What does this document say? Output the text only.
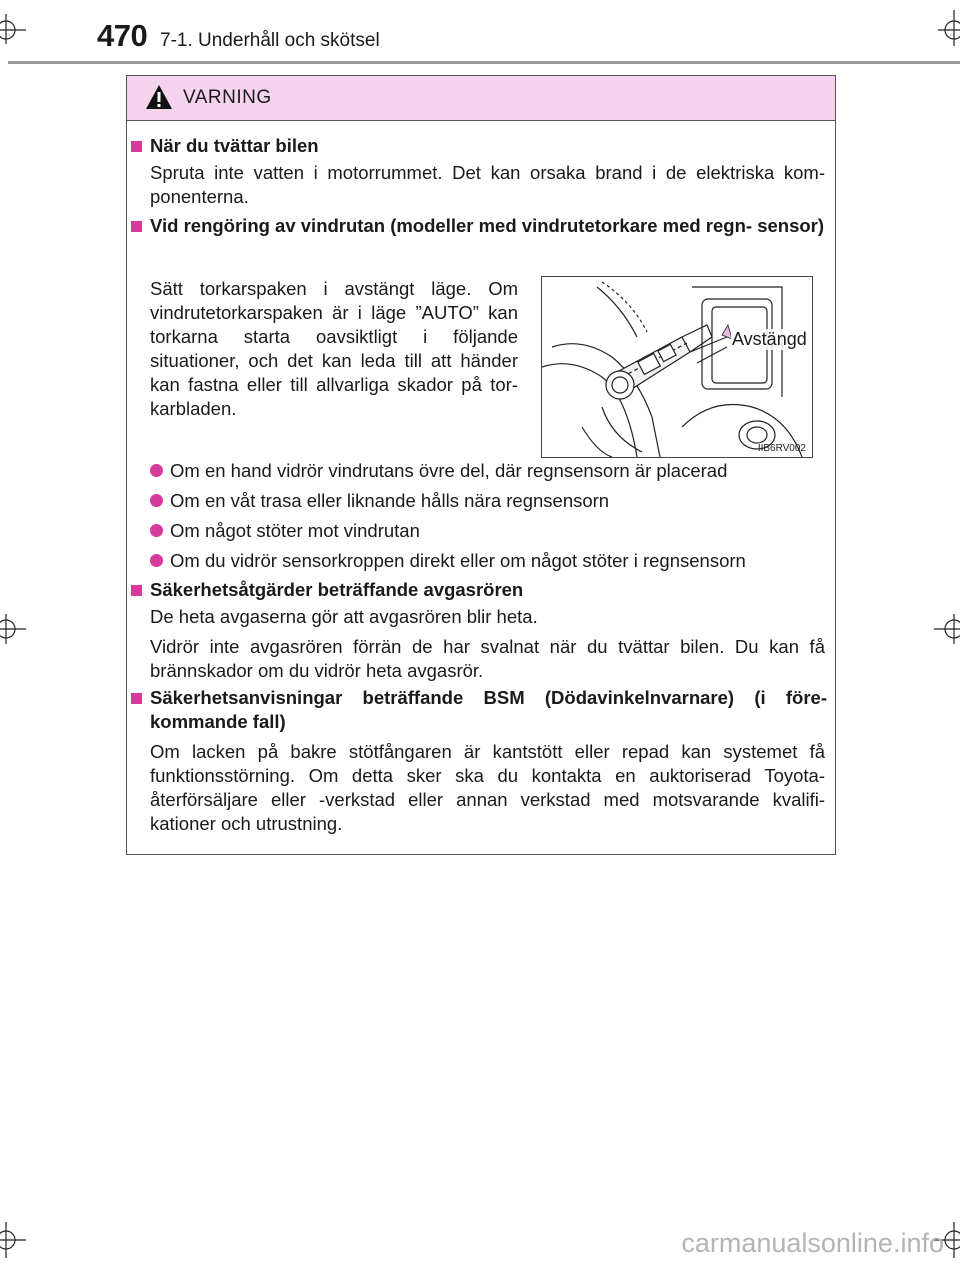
470 7-1. Underhåll och skötsel
VARNING
När du tvättar bilen
Spruta inte vatten i motorrummet. Det kan orsaka brand i de elektriska kom- ponenterna.
Vid rengöring av vindrutan (modeller med vindrutetorkare med regn- sensor)
Sätt torkarspaken i avstängt läge. Om vindrutetorkarspaken är i läge ”AUTO” kan torkarna starta oavsiktligt i följande situationer, och det kan leda till att händer kan fastna eller till allvarliga skador på tor- karbladen.
Om en hand vidrör vindrutans övre del, där regnsensorn är placerad
Om en våt trasa eller liknande hålls nära regnsensorn
Om något stöter mot vindrutan
Om du vidrör sensorkroppen direkt eller om något stöter i regnsensorn
Säkerhetsåtgärder beträffande avgasrören
De heta avgaserna gör att avgasrören blir heta.
Vidrör inte avgasrören förrän de har svalnat när du tvättar bilen. Du kan få brännskador om du vidrör heta avgasrör.
Säkerhetsanvisningar beträffande BSM (Dödavinkelnvarnare) (i före- kommande fall)
Om lacken på bakre stötfångaren är kantstött eller repad kan systemet få funktionsstörning. Om detta sker ska du kontakta en auktoriserad Toyota- återförsäljare eller -verkstad eller annan verkstad med motsvarande kvalifi- kationer och utrustning.
Avstängd
IIB6RV002
carmanualsonline.info
